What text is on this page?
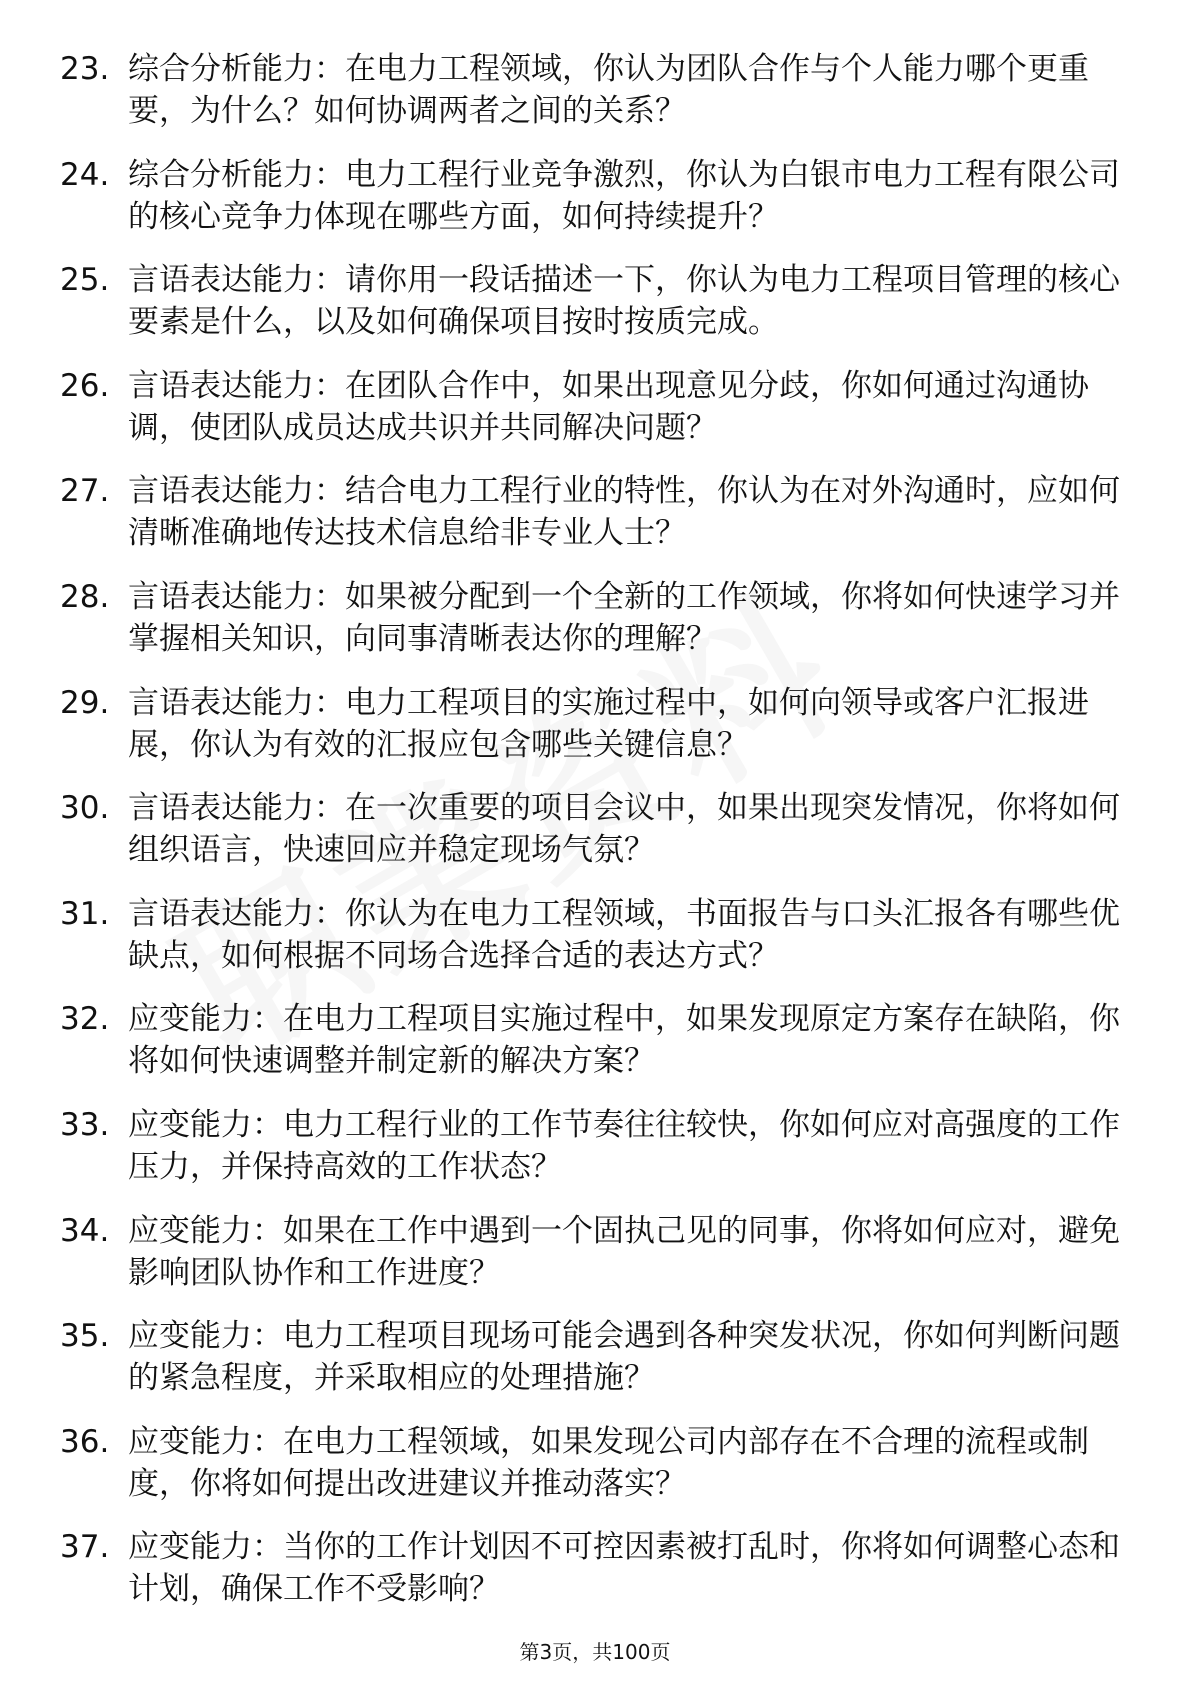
23. 综合分析能力：在电力工程领域，你认为团队合作与个人能力哪个更重要，为什么？如何协调两者之间的关系？
24. 综合分析能力：电力工程行业竞争激烈，你认为白银市电力工程有限公司的核心竞争力体现在哪些方面，如何持续提升？
25. 言语表达能力：请你用一段话描述一下，你认为电力工程项目管理的核心要素是什么，以及如何确保项目按时按质完成。
26. 言语表达能力：在团队合作中，如果出现意见分歧，你如何通过沟通协调，使团队成员达成共识并共同解决问题？
27. 言语表达能力：结合电力工程行业的特性，你认为在对外沟通时，应如何清晰准确地传达技术信息给非专业人士？
28. 言语表达能力：如果被分配到一个全新的工作领域，你将如何快速学习并掌握相关知识，向同事清晰表达你的理解？
29. 言语表达能力：电力工程项目的实施过程中，如何向领导或客户汇报进展，你认为有效的汇报应包含哪些关键信息？
30. 言语表达能力：在一次重要的项目会议中，如果出现突发情况，你将如何组织语言，快速回应并稳定现场气氛？
31. 言语表达能力：你认为在电力工程领域，书面报告与口头汇报各有哪些优缺点，如何根据不同场合选择合适的表达方式？
32. 应变能力：在电力工程项目实施过程中，如果发现原定方案存在缺陷，你将如何快速调整并制定新的解决方案？
33. 应变能力：电力工程行业的工作节奏往往较快，你如何应对高强度的工作压力，并保持高效的工作状态？
34. 应变能力：如果在工作中遇到一个固执己见的同事，你将如何应对，避免影响团队协作和工作进度？
35. 应变能力：电力工程项目现场可能会遇到各种突发状况，你如何判断问题的紧急程度，并采取相应的处理措施？
36. 应变能力：在电力工程领域，如果发现公司内部存在不合理的流程或制度，你将如何提出改进建议并推动落实？
37. 应变能力：当你的工作计划因不可控因素被打乱时，你将如何调整心态和计划，确保工作不受影响？
第3页，共100页
